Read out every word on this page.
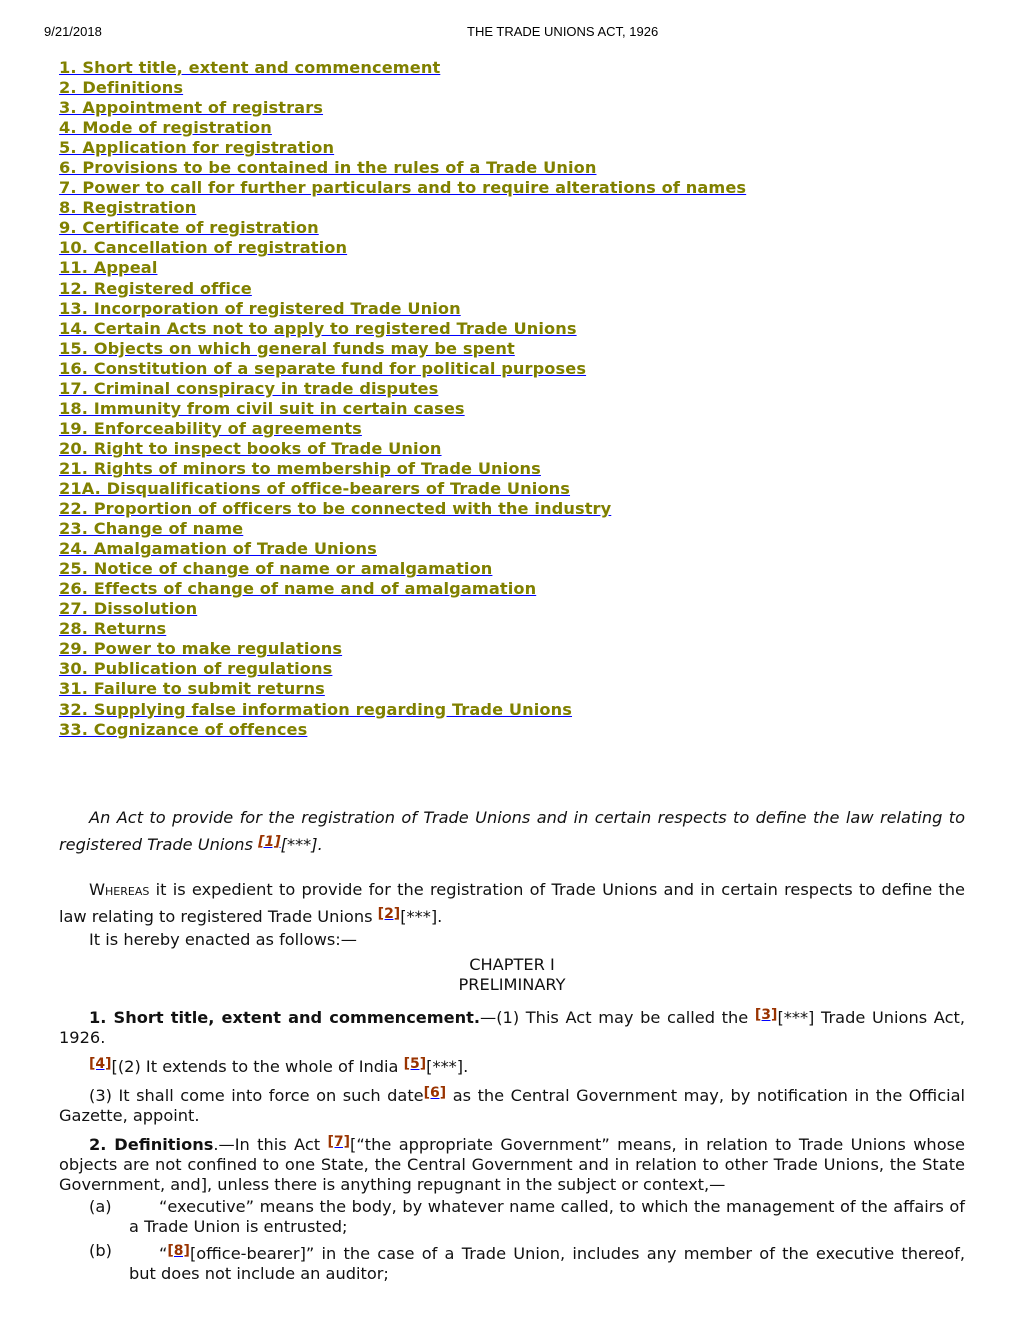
9/21/2018	THE TRADE UNIONS ACT, 1926
1. Short title, extent and commencement
2. Definitions
3. Appointment of registrars
4. Mode of registration
5. Application for registration
6. Provisions to be contained in the rules of a Trade Union
7. Power to call for further particulars and to require alterations of names
8. Registration
9. Certificate of registration
10. Cancellation of registration
11. Appeal
12. Registered office
13. Incorporation of registered Trade Union
14. Certain Acts not to apply to registered Trade Unions
15. Objects on which general funds may be spent
16. Constitution of a separate fund for political purposes
17. Criminal conspiracy in trade disputes
18. Immunity from civil suit in certain cases
19. Enforceability of agreements
20. Right to inspect books of Trade Union
21. Rights of minors to membership of Trade Unions
21A. Disqualifications of office-bearers of Trade Unions
22. Proportion of officers to be connected with the industry
23. Change of name
24. Amalgamation of Trade Unions
25. Notice of change of name or amalgamation
26. Effects of change of name and of amalgamation
27. Dissolution
28. Returns
29. Power to make regulations
30. Publication of regulations
31. Failure to submit returns
32. Supplying false information regarding Trade Unions
33. Cognizance of offences

An Act to provide for the registration of Trade Unions and in certain respects to define the law relating to registered Trade Unions [1][***].

Whereas it is expedient to provide for the registration of Trade Unions and in certain respects to define the law relating to registered Trade Unions [2][***].

It is hereby enacted as follows:—

CHAPTER I
PRELIMINARY

1. Short title, extent and commencement.—(1) This Act may be called the [3][***] Trade Unions Act, 1926.

[4][(2) It extends to the whole of India [5][***].

(3) It shall come into force on such date[6] as the Central Government may, by notification in the Official Gazette, appoint.

2. Definitions.—In this Act [7][“the appropriate Government” means, in relation to Trade Unions whose objects are not confined to one State, the Central Government and in relation to other Trade Unions, the State Government, and], unless there is anything repugnant in the subject or context,—

(a)	“executive” means the body, by whatever name called, to which the management of the affairs of a Trade Union is entrusted;
(b)	“[8][office-bearer]” in the case of a Trade Union, includes any member of the executive thereof, but does not include an auditor;
